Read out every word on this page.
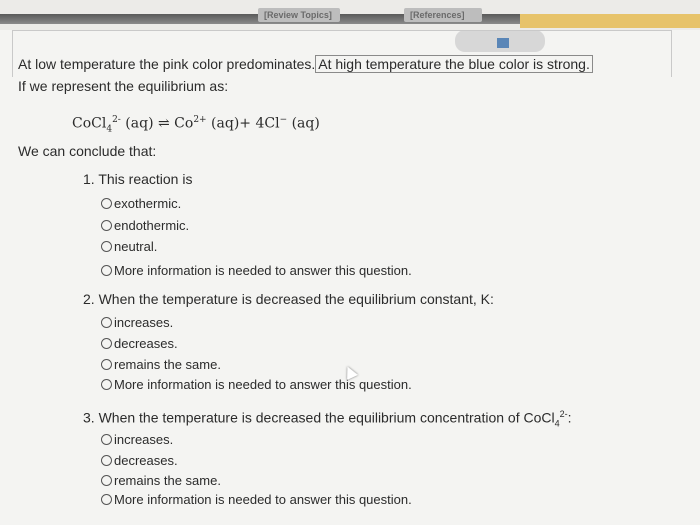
[Review Topics]	[References]
At low temperature the pink color predominates. At high temperature the blue color is strong.
If we represent the equilibrium as:
CoCl$_4^{2-}$ (aq) ⇌ $Co^{2+}$ (aq)+ 4Cl− (aq)
We can conclude that:
1. This reaction is
exothermic.
endothermic.
neutral.
More information is needed to answer this question.
2. When the temperature is decreased the equilibrium constant, K:
increases.
decreases.
remains the same.
More information is needed to answer this question.
3. When the temperature is decreased the equilibrium concentration of CoCl$_4^{2-}$:
increases.
decreases.
remains the same.
More information is needed to answer this question.
